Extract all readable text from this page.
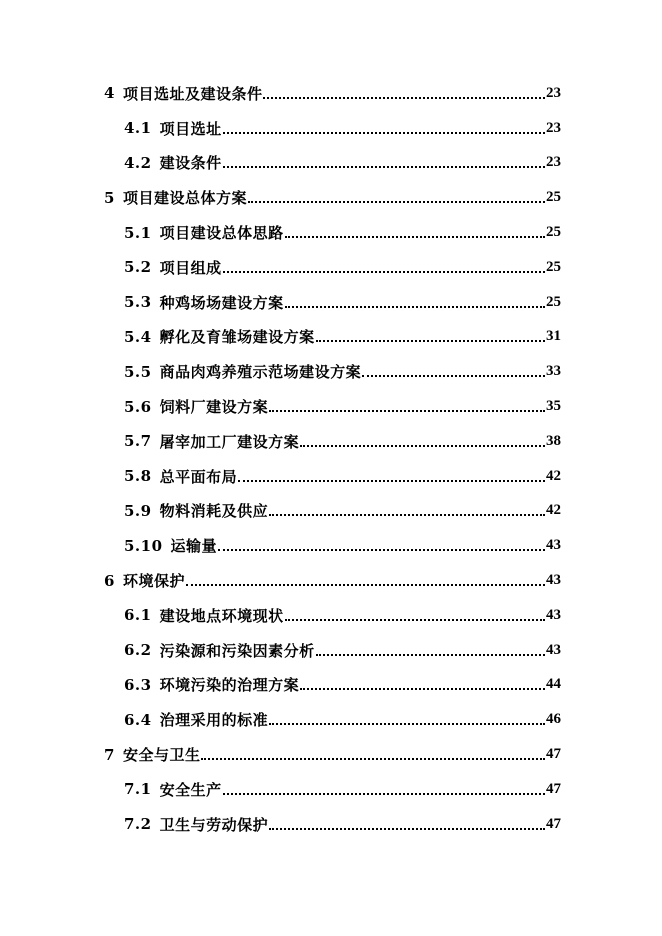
4 项目选址及建设条件	23
4.1 项目选址	23
4.2 建设条件	23
5 项目建设总体方案	25
5.1 项目建设总体思路	25
5.2 项目组成	25
5.3 种鸡场场建设方案	25
5.4 孵化及育雏场建设方案	31
5.5 商品肉鸡养殖示范场建设方案	33
5.6 饲料厂建设方案	35
5.7 屠宰加工厂建设方案	38
5.8 总平面布局	42
5.9 物料消耗及供应	42
5.10 运输量	43
6 环境保护	43
6.1 建设地点环境现状	43
6.2 污染源和污染因素分析	43
6.3 环境污染的治理方案	44
6.4 治理采用的标准	46
7 安全与卫生	47
7.1 安全生产	47
7.2 卫生与劳动保护	47
